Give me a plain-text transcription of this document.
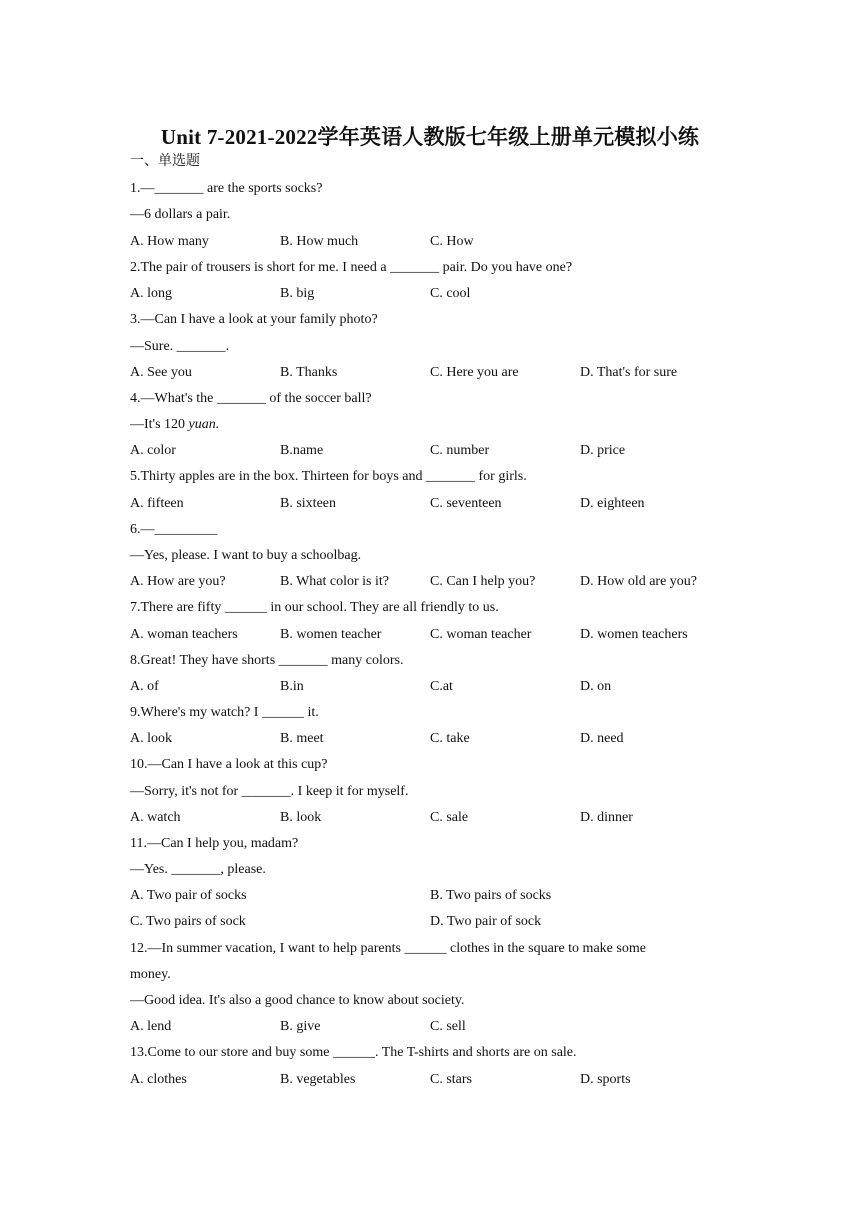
Unit 7-2021-2022学年英语人教版七年级上册单元模拟小练
一、单选题
1.—_______ are the sports socks?
—6 dollars a pair.
A. How many	B. How much	C. How
2.The pair of trousers is short for me. I need a _______ pair. Do you have one?
A. long	B. big	C. cool
3.—Can I have a look at your family photo?
—Sure. _______.
A. See you	B. Thanks	C. Here you are	D. That's for sure
4.—What's the _______ of the soccer ball?
—It's 120 yuan.
A. color	B.name	C. number	D. price
5.Thirty apples are in the box. Thirteen for boys and _______ for girls.
A. fifteen	B. sixteen	C. seventeen	D. eighteen
6.—_________
—Yes, please. I want to buy a schoolbag.
A. How are you?	B. What color is it?	C. Can I help you?	D. How old are you?
7.There are fifty ______ in our school. They are all friendly to us.
A. woman teachers	B. women teacher	C. woman teacher	D. women teachers
8.Great! They have shorts _______ many colors.
A. of	B.in	C.at	D. on
9.Where's my watch? I ______ it.
A. look	B. meet	C. take	D. need
10.—Can I have a look at this cup?
—Sorry, it's not for _______. I keep it for myself.
A. watch	B. look	C. sale	D. dinner
11.—Can I help you, madam?
—Yes. _______, please.
A. Two pair of socks	B. Two pairs of socks
C. Two pairs of sock	D. Two pair of sock
12.—In summer vacation, I want to help parents ______ clothes in the square to make some
money.
—Good idea. It's also a good chance to know about society.
A. lend	B. give	C. sell
13.Come to our store and buy some ______. The T-shirts and shorts are on sale.
A. clothes	B. vegetables	C. stars	D. sports
